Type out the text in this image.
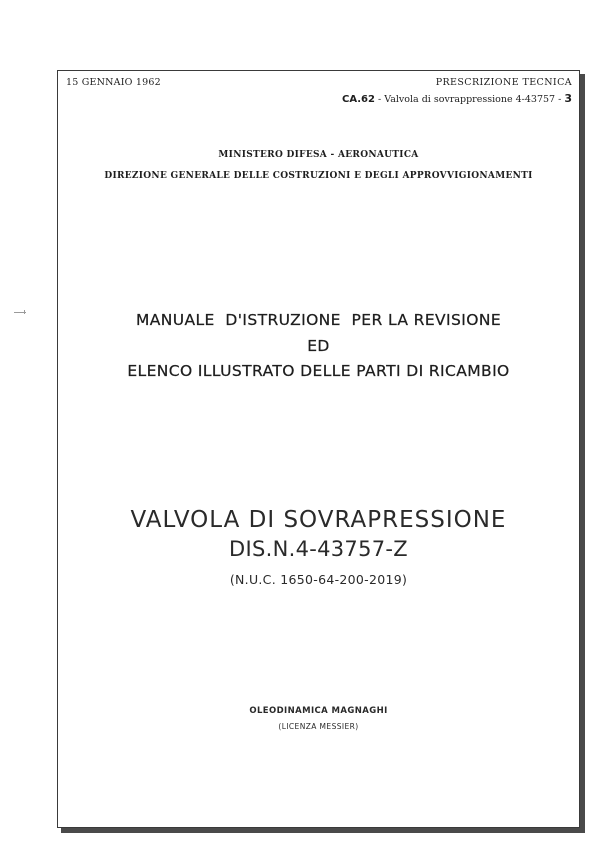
15 GENNAIO 1962	PRESCRIZIONE TECNICA
CA.62 - Valvola di sovrappressione 4-43757 - 3
MINISTERO DIFESA - AERONAUTICA
DIREZIONE GENERALE DELLE COSTRUZIONI E DEGLI APPROVVIGIONAMENTI
MANUALE  D'ISTRUZIONE  PER LA REVISIONE
ED
ELENCO ILLUSTRATO DELLE PARTI DI RICAMBIO
VALVOLA DI SOVRAPRESSIONE
DIS.N.4-43757-Z
(N.U.C. 1650-64-200-2019)
OLEODINAMICA MAGNAGHI
(LICENZA MESSIER)
